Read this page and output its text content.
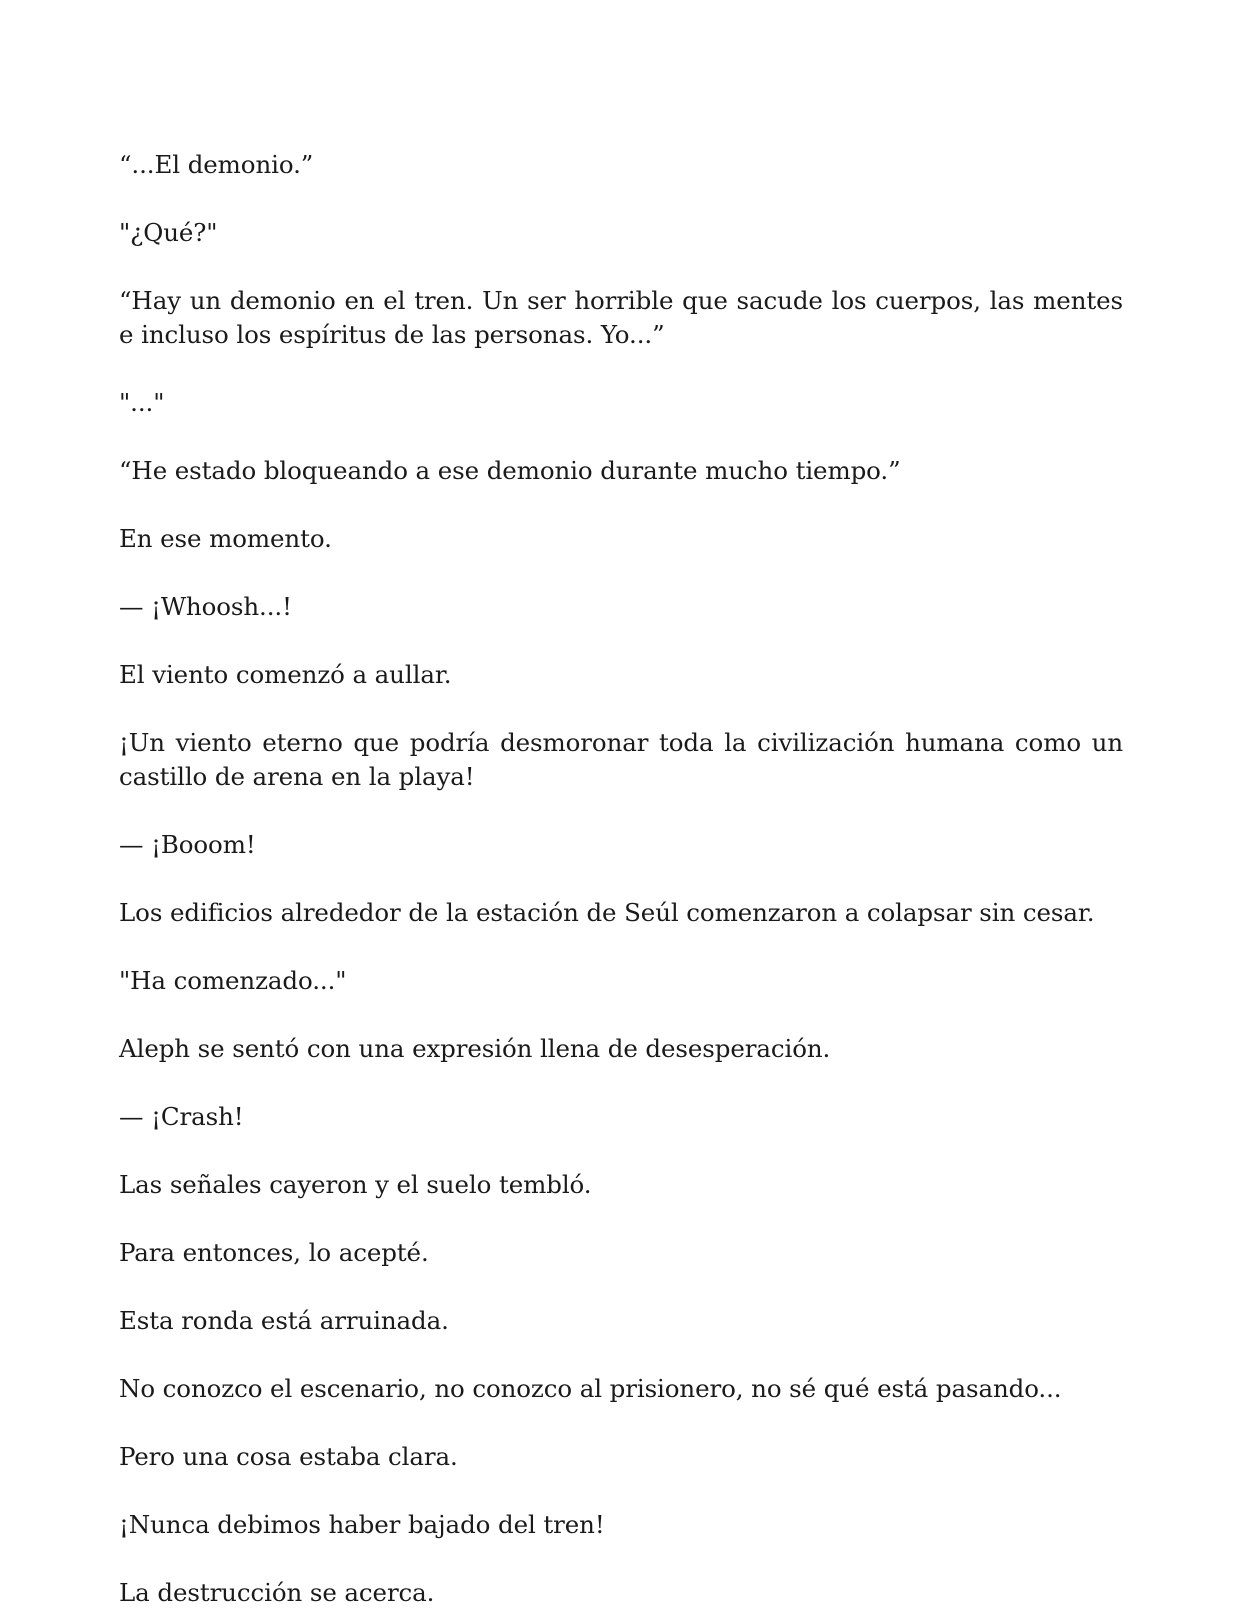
“...El demonio.”

"¿Qué?"

“Hay un demonio en el tren. Un ser horrible que sacude los cuerpos, las mentes e incluso los espíritus de las personas. Yo...”

"..."

“He estado bloqueando a ese demonio durante mucho tiempo.”

En ese momento.

— ¡Whoosh...!

El viento comenzó a aullar.

¡Un viento eterno que podría desmoronar toda la civilización humana como un castillo de arena en la playa!

— ¡Booom!

Los edificios alrededor de la estación de Seúl comenzaron a colapsar sin cesar.

"Ha comenzado..."

Aleph se sentó con una expresión llena de desesperación.

— ¡Crash!

Las señales cayeron y el suelo tembló.

Para entonces, lo acepté.

Esta ronda está arruinada.

No conozco el escenario, no conozco al prisionero, no sé qué está pasando...

Pero una cosa estaba clara.

¡Nunca debimos haber bajado del tren!

La destrucción se acerca.
